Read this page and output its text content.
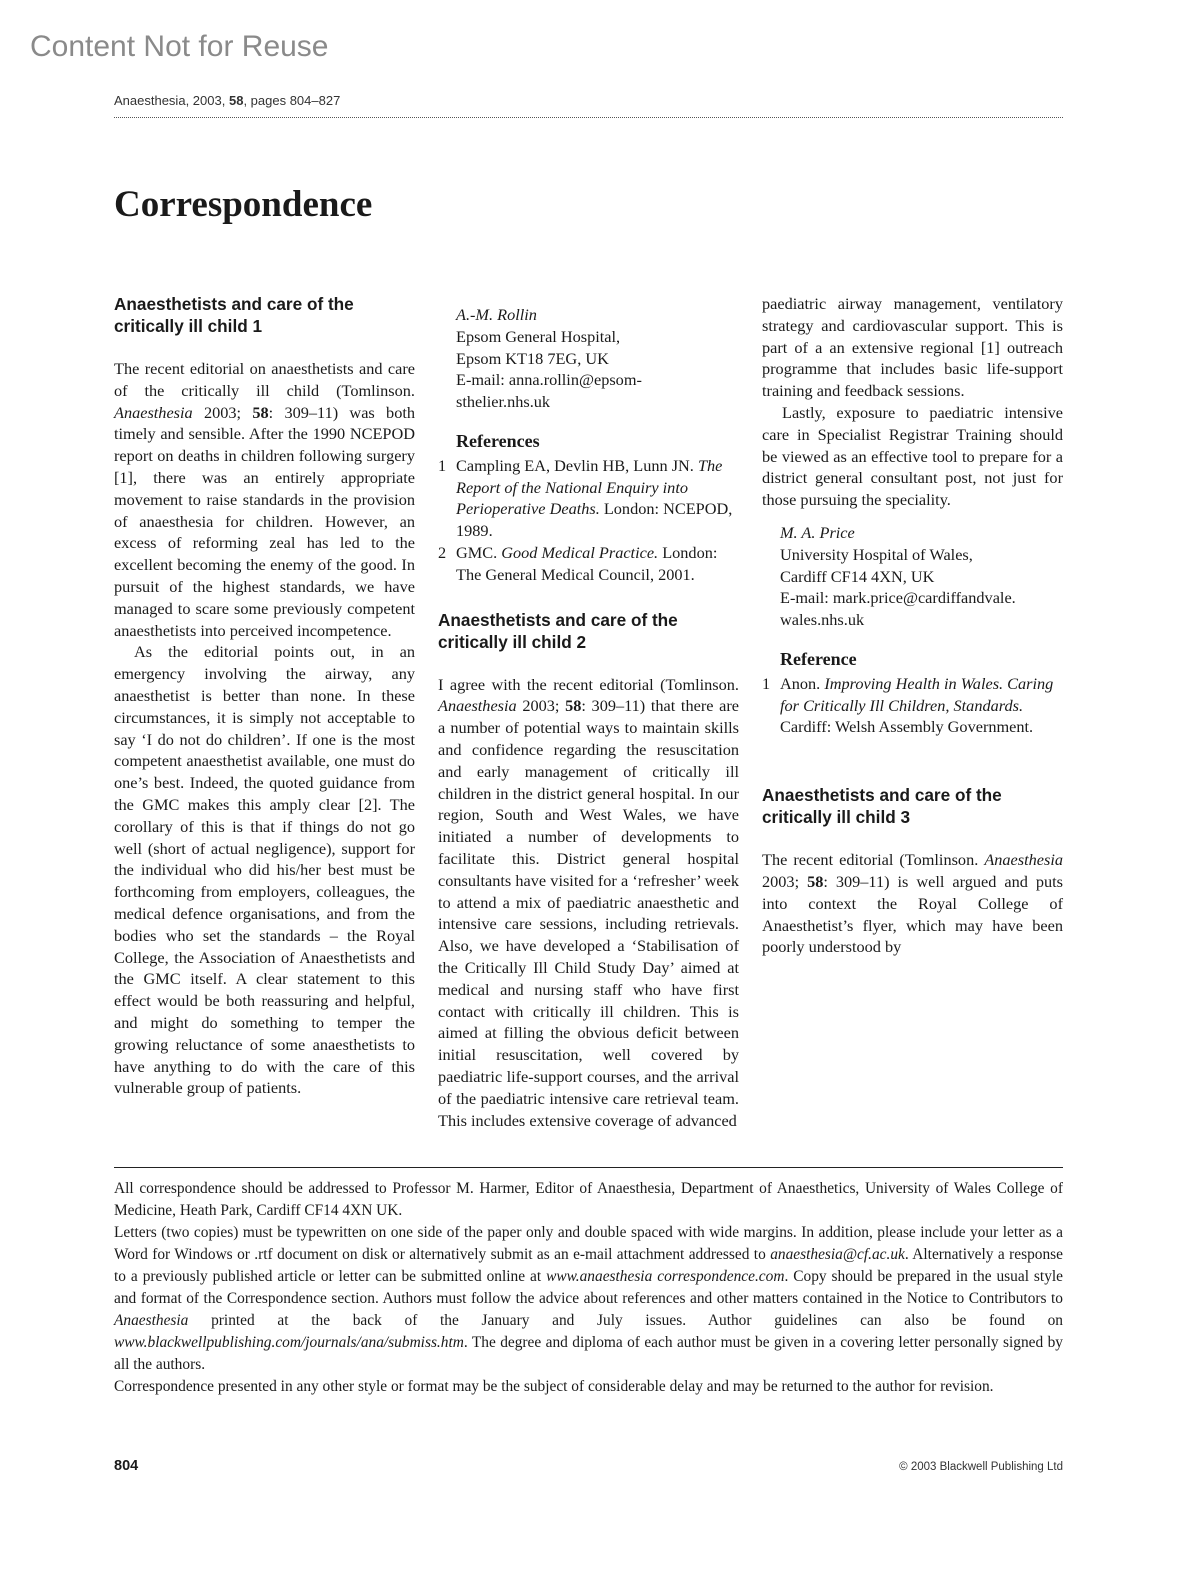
Content Not for Reuse
Anaesthesia, 2003, 58, pages 804–827
Correspondence
Anaesthetists and care of the critically ill child 1

The recent editorial on anaesthetists and care of the critically ill child (Tomlinson. Anaesthesia 2003; 58: 309–11) was both timely and sensible. After the 1990 NCEPOD report on deaths in children following surgery [1], there was an entirely appropriate movement to raise standards in the provision of anaesthesia for children. However, an excess of reforming zeal has led to the excellent becoming the enemy of the good. In pursuit of the highest standards, we have managed to scare some previously competent anaesthetists into perceived incompetence.

As the editorial points out, in an emergency involving the airway, any anaesthetist is better than none. In these circumstances, it is simply not acceptable to say ‘I do not do children’. If one is the most competent anaesthetist available, one must do one’s best. Indeed, the quoted guidance from the GMC makes this amply clear [2]. The corollary of this is that if things do not go well (short of actual negligence), support for the individual who did his/her best must be forthcoming from employers, colleagues, the medical defence organisations, and from the bodies who set the standards – the Royal College, the Association of Anaesthetists and the GMC itself. A clear statement to this effect would be both reassuring and helpful, and might do something to temper the growing reluctance of some anaesthetists to have anything to do with the care of this vulnerable group of patients.

A.-M. Rollin
Epsom General Hospital,
Epsom KT18 7EG, UK
E-mail: anna.rollin@epsom-
sthelier.nhs.uk
References
1 Campling EA, Devlin HB, Lunn JN. The Report of the National Enquiry into Perioperative Deaths. London: NCEPOD, 1989.
2 GMC. Good Medical Practice. London: The General Medical Council, 2001.
Anaesthetists and care of the critically ill child 2

I agree with the recent editorial (Tomlinson. Anaesthesia 2003; 58: 309–11) that there are a number of potential ways to maintain skills and confidence regarding the resuscitation and early management of critically ill children in the district general hospital. In our region, South and West Wales, we have initiated a number of developments to facilitate this. District general hospital consultants have visited for a ‘refresher’ week to attend a mix of paediatric anaesthetic and intensive care sessions, including retrievals. Also, we have developed a ‘Stabilisation of the Critically Ill Child Study Day’ aimed at medical and nursing staff who have first contact with critically ill children. This is aimed at filling the obvious deficit between initial resuscitation, well covered by paediatric life-support courses, and the arrival of the paediatric intensive care retrieval team. This includes extensive coverage of advanced

paediatric airway management, ventilatory strategy and cardiovascular support. This is part of a an extensive regional [1] outreach programme that includes basic life-support training and feedback sessions.

Lastly, exposure to paediatric intensive care in Specialist Registrar Training should be viewed as an effective tool to prepare for a district general consultant post, not just for those pursuing the speciality.

M. A. Price
University Hospital of Wales,
Cardiff CF14 4XN, UK
E-mail: mark.price@cardiffandvale.
wales.nhs.uk
Reference
1 Anon. Improving Health in Wales. Caring for Critically Ill Children, Standards. Cardiff: Welsh Assembly Government.
Anaesthetists and care of the critically ill child 3

The recent editorial (Tomlinson. Anaesthesia 2003; 58: 309–11) is well argued and puts into context the Royal College of Anaesthetist’s flyer, which may have been poorly understood by

All correspondence should be addressed to Professor M. Harmer, Editor of Anaesthesia, Department of Anaesthetics, University of Wales College of Medicine, Heath Park, Cardiff CF14 4XN UK.

Letters (two copies) must be typewritten on one side of the paper only and double spaced with wide margins. In addition, please include your letter as a Word for Windows or .rtf document on disk or alternatively submit as an e-mail attachment addressed to anaesthesia@cf.ac.uk. Alternatively a response to a previously published article or letter can be submitted online at www.anaesthesia correspondence.com. Copy should be prepared in the usual style and format of the Correspondence section. Authors must follow the advice about references and other matters contained in the Notice to Contributors to Anaesthesia printed at the back of the January and July issues. Author guidelines can also be found on www.blackwellpublishing.com/journals/ana/submiss.htm. The degree and diploma of each author must be given in a covering letter personally signed by all the authors.

Correspondence presented in any other style or format may be the subject of considerable delay and may be returned to the author for revision.

804	© 2003 Blackwell Publishing Ltd
